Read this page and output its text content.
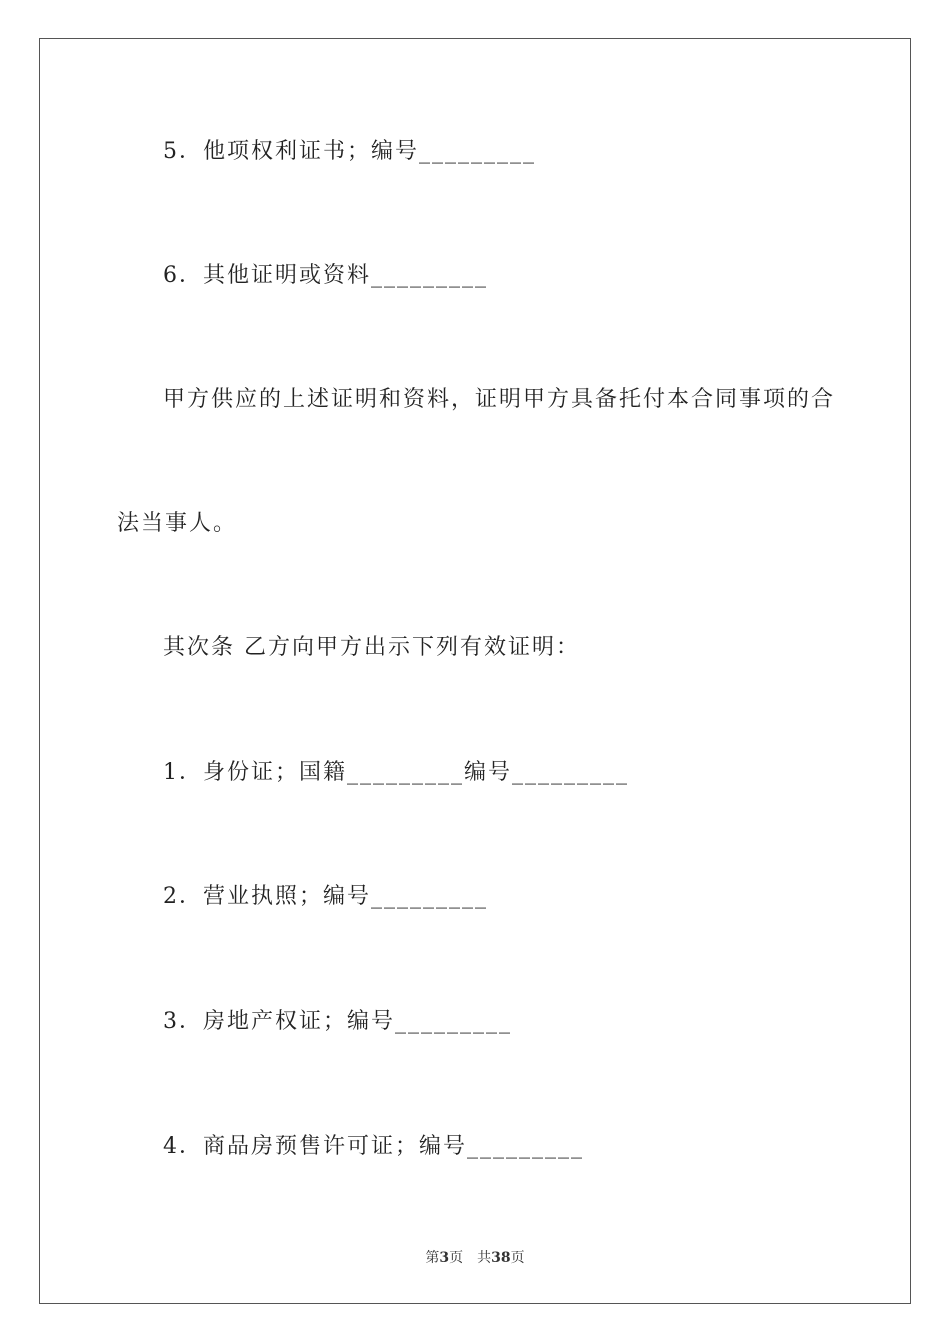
5．他项权利证书；编号_________
6．其他证明或资料_________
甲方供应的上述证明和资料，证明甲方具备托付本合同事项的合
法当事人。
其次条 乙方向甲方出示下列有效证明：
1．身份证；国籍_________编号_________
2．营业执照；编号_________
3．房地产权证；编号_________
4．商品房预售许可证；编号_________
第3页 共38页
